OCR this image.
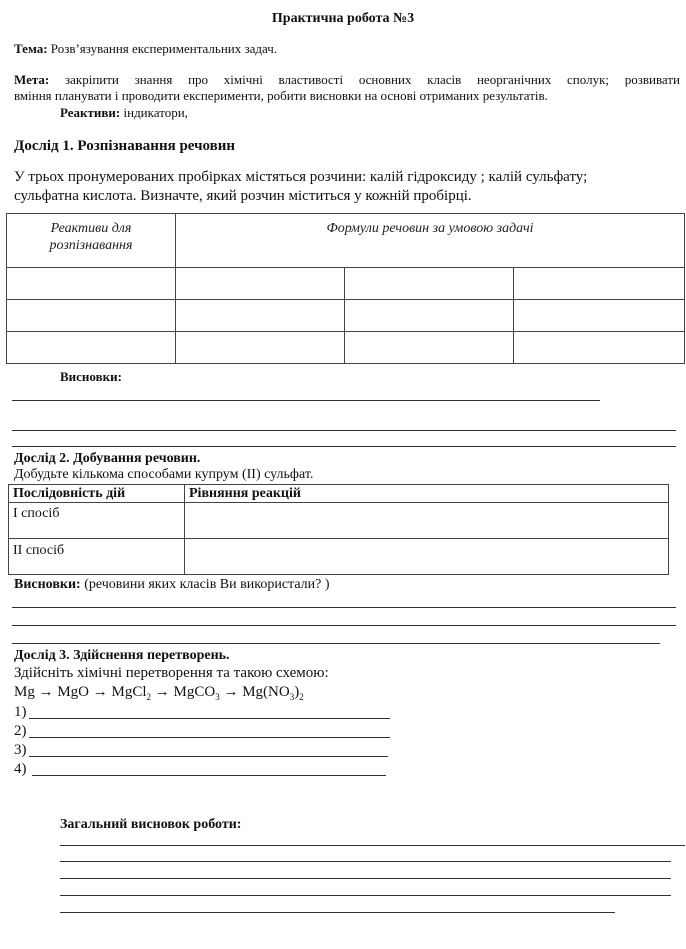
Практична робота №3
Тема: Розв’язування експериментальних задач.
Мета: закріпити знання про хімічні властивості основних класів неорганічних сполук; розвивати
вміння планувати і проводити експерименти, робити висновки на основі отриманих результатів.
Реактиви: індикатори,
Дослід 1. Розпізнавання речовин
У трьох пронумерованих пробірках містяться розчини: калій гідроксиду ; калій сульфату;
сульфатна кислота. Визначте, який розчин міститься у кожній пробірці.
Реактиви для
розпізнавання	Формули речовин за умовою задачі		

Висновки:
Дослід 2. Добування речовин.
Добудьте кількома способами купрум (ІІ) сульфат.
Послідовність дій	Рівняння реакцій

І спосіб	

ІІ спосіб	

Висновки: (речовини яких класів Ви використали? )
Дослід 3. Здійснення перетворень.
Здійсніть хімічні перетворення та такою схемою:
Mg → MgO → MgCl$_2$ → MgCO$_3$ → $Mg(NO_3)_2$
1)
2)
3)
4)
Загальний висновок роботи:
